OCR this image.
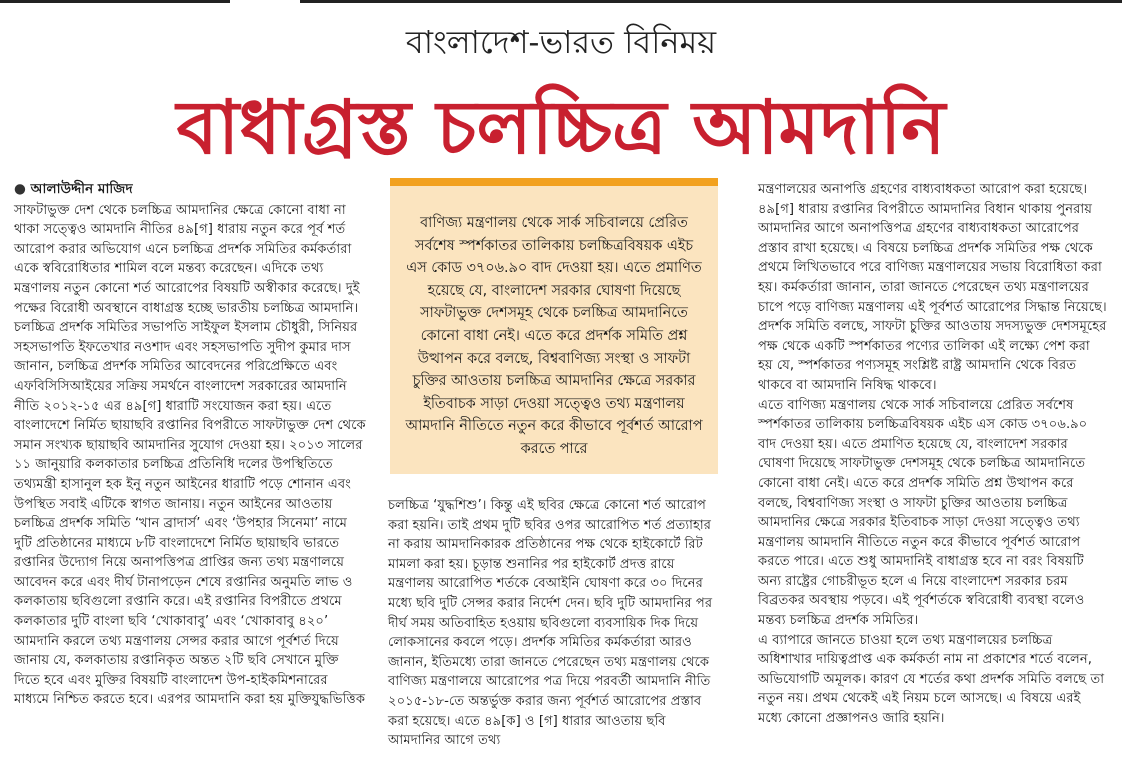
বাংলাদেশ-ভারত বিনিময়
বাধাগ্রস্ত চলচ্চিত্র আমদানি

● আলাউদ্দীন মাজিদ

সাফটাভুক্ত দেশ থেকে চলচ্চিত্র আমদানির ক্ষেত্রে কোনো বাধা না থাকা সত্ত্বেও আমদানি নীতির ৪৯[গ] ধারায় নতুন করে পূর্ব শর্ত আরোপ করার অভিযোগ এনে চলচ্চিত্র প্রদর্শক সমিতির কর্মকর্তারা একে স্ববিরোধিতার শামিল বলে মন্তব্য করেছেন। এদিকে তথ্য মন্ত্রণালয় নতুন কোনো শর্ত আরোপের বিষয়টি অস্বীকার করেছে। দুই পক্ষের বিরোধী অবস্থানে বাধাগ্রস্ত হচ্ছে ভারতীয় চলচ্চিত্র আমদানি।

চলচ্চিত্র প্রদর্শক সমিতির সভাপতি সাইফুল ইসলাম চৌধুরী, সিনিয়র সহসভাপতি ইফতেখার নওশাদ এবং সহসভাপতি সুদীপ কুমার দাস জানান, চলচ্চিত্র প্রদর্শক সমিতির আবেদনের পরিপ্রেক্ষিতে এবং এফবিসিসিআইয়ের সক্রিয় সমর্থনে বাংলাদেশ সরকারের আমদানি নীতি ২০১২-১৫ এর ৪৯[গ] ধারাটি সংযোজন করা হয়। এতে বাংলাদেশে নির্মিত ছায়াছবি রপ্তানির বিপরীতে সাফটাভুক্ত দেশ থেকে সমান সংখ্যক ছায়াছবি আমদানির সুযোগ দেওয়া হয়। ২০১৩ সালের ১১ জানুয়ারি কলকাতার চলচ্চিত্র প্রতিনিধি দলের উপস্থিতিতে তথ্যমন্ত্রী হাসানুল হক ইনু নতুন আইনের ধারাটি পড়ে শোনান এবং উপস্থিত সবাই এটিকে স্বাগত জানায়। নতুন আইনের আওতায় চলচ্চিত্র প্রদর্শক সমিতি ‘খান ব্রাদার্স’ এবং ‘উপহার সিনেমা’ নামে দুটি প্রতিষ্ঠানের মাধ্যমে ৮টি বাংলাদেশে নির্মিত ছায়াছবি ভারতে রপ্তানির উদ্যোগ নিয়ে অনাপত্তিপত্র প্রাপ্তির জন্য তথ্য মন্ত্রণালয়ে আবেদন করে এবং দীর্ঘ টানাপড়েন শেষে রপ্তানির অনুমতি লাভ ও কলকাতায় ছবিগুলো রপ্তানি করে। এই রপ্তানির বিপরীতে প্রথমে কলকাতার দুটি বাংলা ছবি ‘খোকাবাবু’ এবং ‘খোকাবাবু ৪২০’ আমদানি করলে তথ্য মন্ত্রণালয় সেন্সর করার আগে পূর্বশর্ত দিয়ে জানায় যে, কলকাতায় রপ্তানিকৃত অন্তত ২টি ছবি সেখানে মুক্তি দিতে হবে এবং মুক্তির বিষয়টি বাংলাদেশ উপ-হাইকমিশনারের মাধ্যমে নিশ্চিত করতে হবে। এরপর আমদানি করা হয় মুক্তিযুদ্ধভিত্তিক

বাণিজ্য মন্ত্রণালয় থেকে সার্ক সচিবালয়ে প্রেরিত সর্বশেষ স্পর্শকাতর তালিকায় চলচ্চিত্রবিষয়ক এইচ এস কোড ৩৭০৬.৯০ বাদ দেওয়া হয়। এতে প্রমাণিত হয়েছে যে, বাংলাদেশ সরকার ঘোষণা দিয়েছে সাফটাভুক্ত দেশসমূহ থেকে চলচ্চিত্র আমদানিতে কোনো বাধা নেই। এতে করে প্রদর্শক সমিতি প্রশ্ন উত্থাপন করে বলছে, বিশ্ববাণিজ্য সংস্থা ও সাফটা চুক্তির আওতায় চলচ্চিত্র আমদানির ক্ষেত্রে সরকার ইতিবাচক সাড়া দেওয়া সত্ত্বেও তথ্য মন্ত্রণালয় আমদানি নীতিতে নতুন করে কীভাবে পূর্বশর্ত আরোপ করতে পারে

চলচ্চিত্র ‘যুদ্ধশিশু’। কিন্তু এই ছবির ক্ষেত্রে কোনো শর্ত আরোপ করা হয়নি। তাই প্রথম দুটি ছবির ওপর আরোপিত শর্ত প্রত্যাহার না করায় আমদানিকারক প্রতিষ্ঠানের পক্ষ থেকে হাইকোর্টে রিট মামলা করা হয়। চূড়ান্ত শুনানির পর হাইকোর্ট প্রদত্ত রায়ে মন্ত্রণালয় আরোপিত শর্তকে বেআইনি ঘোষণা করে ৩০ দিনের মধ্যে ছবি দুটি সেন্সর করার নির্দেশ দেন। ছবি দুটি আমদানির পর দীর্ঘ সময় অতিবাহিত হওয়ায় ছবিগুলো ব্যবসায়িক দিক দিয়ে লোকসানের কবলে পড়ে। প্রদর্শক সমিতির কর্মকর্তারা আরও জানান, ইতিমধ্যে তারা জানতে পেরেছেন তথ্য মন্ত্রণালয় থেকে বাণিজ্য মন্ত্রণালয়ে আরোপের পত্র দিয়ে পরবর্তী আমদানি নীতি ২০১৫-১৮-তে অন্তর্ভুক্ত করার জন্য পূর্বশর্ত আরোপের প্রস্তাব করা হয়েছে। এতে ৪৯[ক] ও [গ] ধারার আওতায় ছবি আমদানির আগে তথ্য

মন্ত্রণালয়ের অনাপত্তি গ্রহণের বাধ্যবাধকতা আরোপ করা হয়েছে। ৪৯[গ] ধারায় রপ্তানির বিপরীতে আমদানির বিধান থাকায় পুনরায় আমদানির আগে অনাপত্তিপত্র গ্রহণের বাধ্যবাধকতা আরোপের প্রস্তাব রাখা হয়েছে। এ বিষয়ে চলচ্চিত্র প্রদর্শক সমিতির পক্ষ থেকে প্রথমে লিখিতভাবে পরে বাণিজ্য মন্ত্রণালয়ের সভায় বিরোধিতা করা হয়। কর্মকর্তারা জানান, তারা জানতে পেরেছেন তথ্য মন্ত্রণালয়ের চাপে পড়ে বাণিজ্য মন্ত্রণালয় এই পূর্বশর্ত আরোপের সিদ্ধান্ত নিয়েছে।

প্রদর্শক সমিতি বলছে, সাফটা চুক্তির আওতায় সদস্যভুক্ত দেশসমূহের পক্ষ থেকে একটি স্পর্শকাতর পণ্যের তালিকা এই লক্ষ্যে পেশ করা হয় যে, স্পর্শকাতর পণ্যসমূহ সংশ্লিষ্ট রাষ্ট্র আমদানি থেকে বিরত থাকবে বা আমদানি নিষিদ্ধ থাকবে।

এতে বাণিজ্য মন্ত্রণালয় থেকে সার্ক সচিবালয়ে প্রেরিত সর্বশেষ স্পর্শকাতর তালিকায় চলচ্চিত্রবিষয়ক এইচ এস কোড ৩৭০৬.৯০ বাদ দেওয়া হয়। এতে প্রমাণিত হয়েছে যে, বাংলাদেশ সরকার ঘোষণা দিয়েছে সাফটাভুক্ত দেশসমূহ থেকে চলচ্চিত্র আমদানিতে কোনো বাধা নেই। এতে করে প্রদর্শক সমিতি প্রশ্ন উত্থাপন করে বলছে, বিশ্ববাণিজ্য সংস্থা ও সাফটা চুক্তির আওতায় চলচ্চিত্র আমদানির ক্ষেত্রে সরকার ইতিবাচক সাড়া দেওয়া সত্ত্বেও তথ্য মন্ত্রণালয় আমদানি নীতিতে নতুন করে কীভাবে পূর্বশর্ত আরোপ করতে পারে। এতে শুধু আমদানিই বাধাগ্রস্ত হবে না বরং বিষয়টি অন্য রাষ্ট্রের গোচরীভূত হলে এ নিয়ে বাংলাদেশ সরকার চরম বিব্রতকর অবস্থায় পড়বে। এই পূর্বশর্তকে স্ববিরোধী ব্যবস্থা বলেও মন্তব্য চলচ্চিত্র প্রদর্শক সমিতির।

এ ব্যাপারে জানতে চাওয়া হলে তথ্য মন্ত্রণালয়ের চলচ্চিত্র অধিশাখার দায়িত্বপ্রাপ্ত এক কর্মকর্তা নাম না প্রকাশের শর্তে বলেন, অভিযোগটি অমূলক। কারণ যে শর্তের কথা প্রদর্শক সমিতি বলছে তা নতুন নয়। প্রথম থেকেই এই নিয়ম চলে আসছে। এ বিষয়ে এরই মধ্যে কোনো প্রজ্ঞাপনও জারি হয়নি।
